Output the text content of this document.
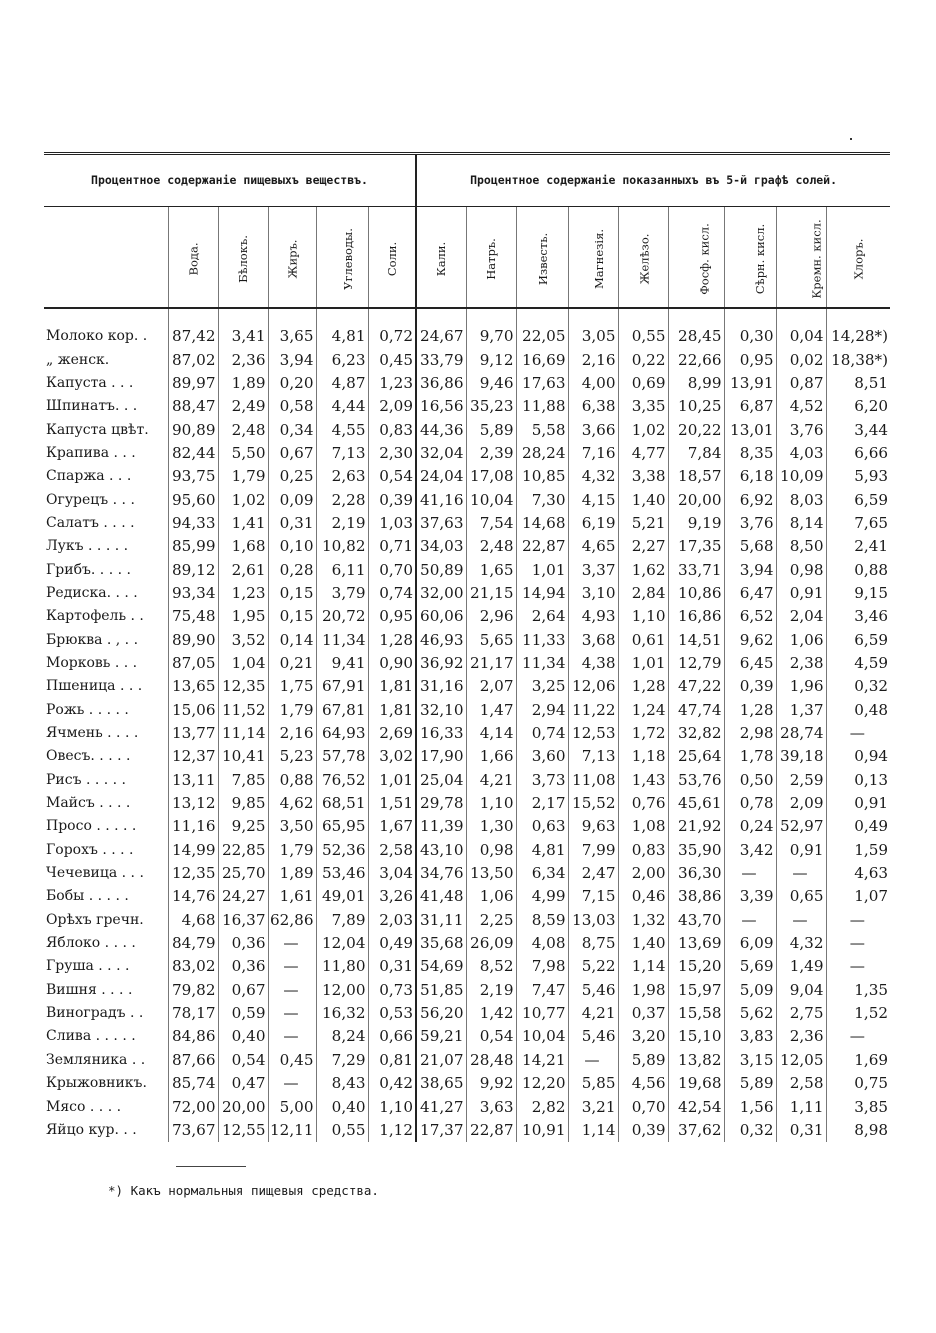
Процентное содержанiе пищевыхъ веществъ.						Процентное содержанiе показанныхъ въ 5-й графѣ солей.								
	Вода.	Бѣлокъ.	Жиръ.	Углеводы.	Соли.	Кали.	Натръ.	Известь.	Магнезiя.	Желѣзо.	Фосф. кисл.	Сѣрн. кисл.	Кремн. кисл.	Хлоръ.
Молоко кор. .	87,42	3,41	3,65	4,81	0,72	24,67	9,70	22,05	3,05	0,55	28,45	0,30	0,04	14,28*)
„ женск.	87,02	2,36	3,94	6,23	0,45	33,79	9,12	16,69	2,16	0,22	22,66	0,95	0,02	18,38*)
Капуста . . .	89,97	1,89	0,20	4,87	1,23	36,86	9,46	17,63	4,00	0,69	8,99	13,91	0,87	8,51
Шпинатъ. . .	88,47	2,49	0,58	4,44	2,09	16,56	35,23	11,88	6,38	3,35	10,25	6,87	4,52	6,20
Капуста цвѣт.	90,89	2,48	0,34	4,55	0,83	44,36	5,89	5,58	3,66	1,02	20,22	13,01	3,76	3,44
Крапива . . .	82,44	5,50	0,67	7,13	2,30	32,04	2,39	28,24	7,16	4,77	7,84	8,35	4,03	6,66
Спаржа . . .	93,75	1,79	0,25	2,63	0,54	24,04	17,08	10,85	4,32	3,38	18,57	6,18	10,09	5,93
Огурецъ . . .	95,60	1,02	0,09	2,28	0,39	41,16	10,04	7,30	4,15	1,40	20,00	6,92	8,03	6,59
Салатъ . . . .	94,33	1,41	0,31	2,19	1,03	37,63	7,54	14,68	6,19	5,21	9,19	3,76	8,14	7,65
Лукъ . . . . .	85,99	1,68	0,10	10,82	0,71	34,03	2,48	22,87	4,65	2,27	17,35	5,68	8,50	2,41
Грибъ. . . . .	89,12	2,61	0,28	6,11	0,70	50,89	1,65	1,01	3,37	1,62	33,71	3,94	0,98	0,88
Редиска. . . .	93,34	1,23	0,15	3,79	0,74	32,00	21,15	14,94	3,10	2,84	10,86	6,47	0,91	9,15
Картофель . .	75,48	1,95	0,15	20,72	0,95	60,06	2,96	2,64	4,93	1,10	16,86	6,52	2,04	3,46
Брюква . , . .	89,90	3,52	0,14	11,34	1,28	46,93	5,65	11,33	3,68	0,61	14,51	9,62	1,06	6,59
Морковь . . .	87,05	1,04	0,21	9,41	0,90	36,92	21,17	11,34	4,38	1,01	12,79	6,45	2,38	4,59
Пшеница . . .	13,65	12,35	1,75	67,91	1,81	31,16	2,07	3,25	12,06	1,28	47,22	0,39	1,96	0,32
Рожь . . . . .	15,06	11,52	1,79	67,81	1,81	32,10	1,47	2,94	11,22	1,24	47,74	1,28	1,37	0,48
Ячмень . . . .	13,77	11,14	2,16	64,93	2,69	16,33	4,14	0,74	12,53	1,72	32,82	2,98	28,74	—
Овесъ. . . . .	12,37	10,41	5,23	57,78	3,02	17,90	1,66	3,60	7,13	1,18	25,64	1,78	39,18	0,94
Рисъ . . . . .	13,11	7,85	0,88	76,52	1,01	25,04	4,21	3,73	11,08	1,43	53,76	0,50	2,59	0,13
Майсъ . . . .	13,12	9,85	4,62	68,51	1,51	29,78	1,10	2,17	15,52	0,76	45,61	0,78	2,09	0,91
Просо . . . . .	11,16	9,25	3,50	65,95	1,67	11,39	1,30	0,63	9,63	1,08	21,92	0,24	52,97	0,49
Горохъ . . . .	14,99	22,85	1,79	52,36	2,58	43,10	0,98	4,81	7,99	0,83	35,90	3,42	0,91	1,59
Чечевица . . .	12,35	25,70	1,89	53,46	3,04	34,76	13,50	6,34	2,47	2,00	36,30	—	—	4,63
Бобы . . . . .	14,76	24,27	1,61	49,01	3,26	41,48	1,06	4,99	7,15	0,46	38,86	3,39	0,65	1,07
Орѣхъ гречн.	4,68	16,37	62,86	7,89	2,03	31,11	2,25	8,59	13,03	1,32	43,70	—	—	—
Яблоко . . . .	84,79	0,36	—	12,04	0,49	35,68	26,09	4,08	8,75	1,40	13,69	6,09	4,32	—
Груша . . . .	83,02	0,36	—	11,80	0,31	54,69	8,52	7,98	5,22	1,14	15,20	5,69	1,49	—
Вишня . . . .	79,82	0,67	—	12,00	0,73	51,85	2,19	7,47	5,46	1,98	15,97	5,09	9,04	1,35
Виноградъ . .	78,17	0,59	—	16,32	0,53	56,20	1,42	10,77	4,21	0,37	15,58	5,62	2,75	1,52
Слива . . . . .	84,86	0,40	—	8,24	0,66	59,21	0,54	10,04	5,46	3,20	15,10	3,83	2,36	—
Земляника . .	87,66	0,54	0,45	7,29	0,81	21,07	28,48	14,21	—	5,89	13,82	3,15	12,05	1,69
Крыжовникъ.	85,74	0,47	—	8,43	0,42	38,65	9,92	12,20	5,85	4,56	19,68	5,89	2,58	0,75
Мясо . . . .	72,00	20,00	5,00	0,40	1,10	41,27	3,63	2,82	3,21	0,70	42,54	1,56	1,11	3,85
Яйцо кур. . .	73,67	12,55	12,11	0,55	1,12	17,37	22,87	10,91	1,14	0,39	37,62	0,32	0,31	8,98
*) Какъ нормальныя пищевыя средства.
